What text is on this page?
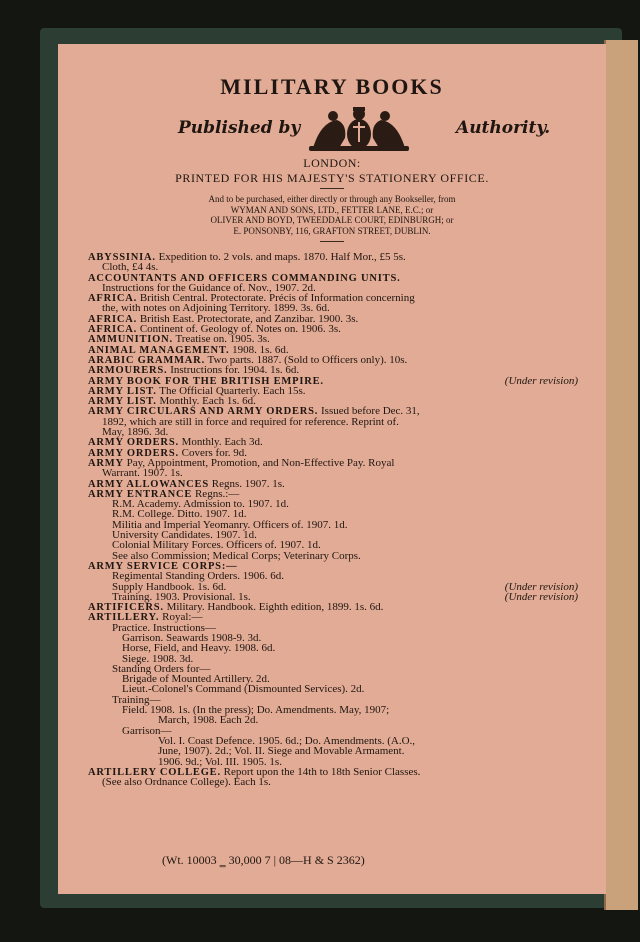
MILITARY BOOKS
Published by	Authority.
LONDON:
PRINTED FOR HIS MAJESTY'S STATIONERY OFFICE.
And to be purchased, either directly or through any Bookseller, from
WYMAN AND SONS, LTD., FETTER LANE, E.C.; or
OLIVER AND BOYD, TWEEDDALE COURT, EDINBURGH; or
E. PONSONBY, 116, GRAFTON STREET, DUBLIN.
(Wt. 10003 ‗ 30,000 7 | 08—H & S 2362)
ABYSSINIA. Expedition to. 2 vols. and maps. 1870. Half Mor., £5 5s.
Cloth, £4 4s.
ACCOUNTANTS AND OFFICERS COMMANDING UNITS.
Instructions for the Guidance of. Nov., 1907. 2d.
AFRICA. British Central. Protectorate. Précis of Information concerning
the, with notes on Adjoining Territory. 1899. 3s. 6d.
AFRICA. British East. Protectorate, and Zanzibar. 1900. 3s.
AFRICA. Continent of. Geology of. Notes on. 1906. 3s.
AMMUNITION. Treatise on. 1905. 3s.
ANIMAL MANAGEMENT. 1908. 1s. 6d.
ARABIC GRAMMAR. Two parts. 1887. (Sold to Officers only). 10s.
ARMOURERS. Instructions for. 1904. 1s. 6d.
ARMY BOOK FOR THE BRITISH EMPIRE.	(Under revision)
ARMY LIST. The Official Quarterly. Each 15s.
ARMY LIST. Monthly. Each 1s. 6d.
ARMY CIRCULARS AND ARMY ORDERS. Issued before Dec. 31,
1892, which are still in force and required for reference. Reprint of.
May, 1896. 3d.
ARMY ORDERS. Monthly. Each 3d.
ARMY ORDERS. Covers for. 9d.
ARMY Pay, Appointment, Promotion, and Non-Effective Pay. Royal
Warrant. 1907. 1s.
ARMY ALLOWANCES Regns. 1907. 1s.
ARMY ENTRANCE Regns.:—
R.M. Academy. Admission to. 1907. 1d.
R.M. College. Ditto. 1907. 1d.
Militia and Imperial Yeomanry. Officers of. 1907. 1d.
University Candidates. 1907. 1d.
Colonial Military Forces. Officers of. 1907. 1d.
See also Commission; Medical Corps; Veterinary Corps.
ARMY SERVICE CORPS:—
Regimental Standing Orders. 1906. 6d.
Supply Handbook. 1s. 6d.	(Under revision)
Training. 1903. Provisional. 1s.	(Under revision)
ARTIFICERS. Military. Handbook. Eighth edition, 1899. 1s. 6d.
ARTILLERY. Royal:—
Practice. Instructions—
Garrison. Seawards 1908-9. 3d.
Horse, Field, and Heavy. 1908. 6d.
Siege. 1908. 3d.
Standing Orders for—
Brigade of Mounted Artillery. 2d.
Lieut.-Colonel's Command (Dismounted Services). 2d.
Training—
Field. 1908. 1s. (In the press); Do. Amendments. May, 1907;
March, 1908. Each 2d.
Garrison—
Vol. I. Coast Defence. 1905. 6d.; Do. Amendments. (A.O.,
June, 1907). 2d.; Vol. II. Siege and Movable Armament.
1906. 9d.; Vol. III. 1905. 1s.
ARTILLERY COLLEGE. Report upon the 14th to 18th Senior Classes.
(See also Ordnance College). Each 1s.
